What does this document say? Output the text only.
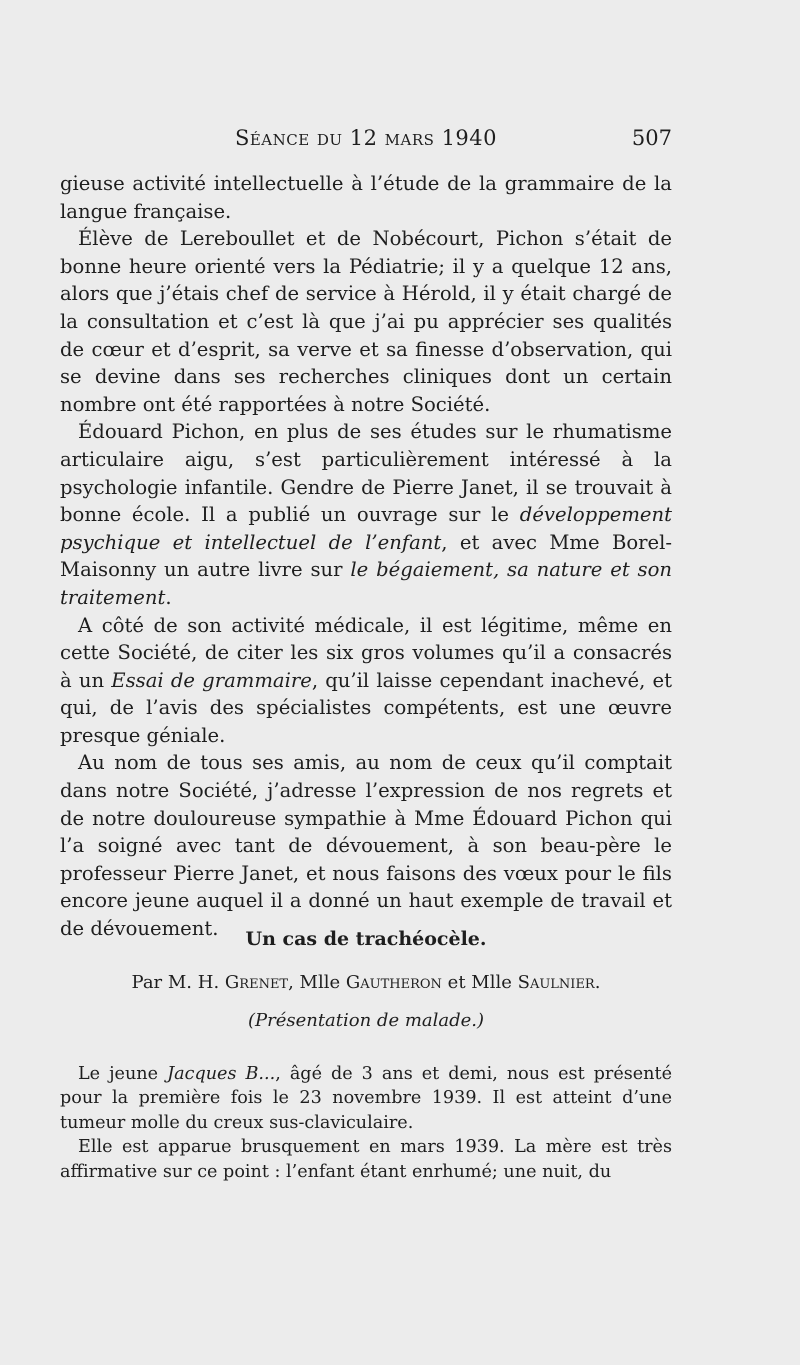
Séance du 12 mars 1940	507

gieuse activité intellectuelle à l’étude de la grammaire de la langue française.

Élève de Lereboullet et de Nobécourt, Pichon s’était de bonne heure orienté vers la Pédiatrie; il y a quelque 12 ans, alors que j’étais chef de service à Hérold, il y était chargé de la consultation et c’est là que j’ai pu apprécier ses qualités de cœur et d’esprit, sa verve et sa finesse d’observation, qui se devine dans ses recherches cliniques dont un certain nombre ont été rapportées à notre Société.

Édouard Pichon, en plus de ses études sur le rhumatisme articulaire aigu, s’est particulièrement intéressé à la psychologie infantile. Gendre de Pierre Janet, il se trouvait à bonne école. Il a publié un ouvrage sur le développement psychique et intellectuel de l’enfant, et avec Mme Borel-Maisonny un autre livre sur le bégaiement, sa nature et son traitement.

A côté de son activité médicale, il est légitime, même en cette Société, de citer les six gros volumes qu’il a consacrés à un Essai de grammaire, qu’il laisse cependant inachevé, et qui, de l’avis des spécialistes compétents, est une œuvre presque géniale.

Au nom de tous ses amis, au nom de ceux qu’il comptait dans notre Société, j’adresse l’expression de nos regrets et de notre douloureuse sympathie à Mme Édouard Pichon qui l’a soigné avec tant de dévouement, à son beau-père le professeur Pierre Janet, et nous faisons des vœux pour le fils encore jeune auquel il a donné un haut exemple de travail et de dévouement.	Un cas de trachéocèle.
Par M. H. Grenet, Mlle Gautheron et Mlle Saulnier.
(Présentation de malade.)

Le jeune Jacques B..., âgé de 3 ans et demi, nous est présenté pour la première fois le 23 novembre 1939. Il est atteint d’une tumeur molle du creux sus-claviculaire.

Elle est apparue brusquement en mars 1939. La mère est très affirmative sur ce point : l’enfant étant enrhumé; une nuit, du
